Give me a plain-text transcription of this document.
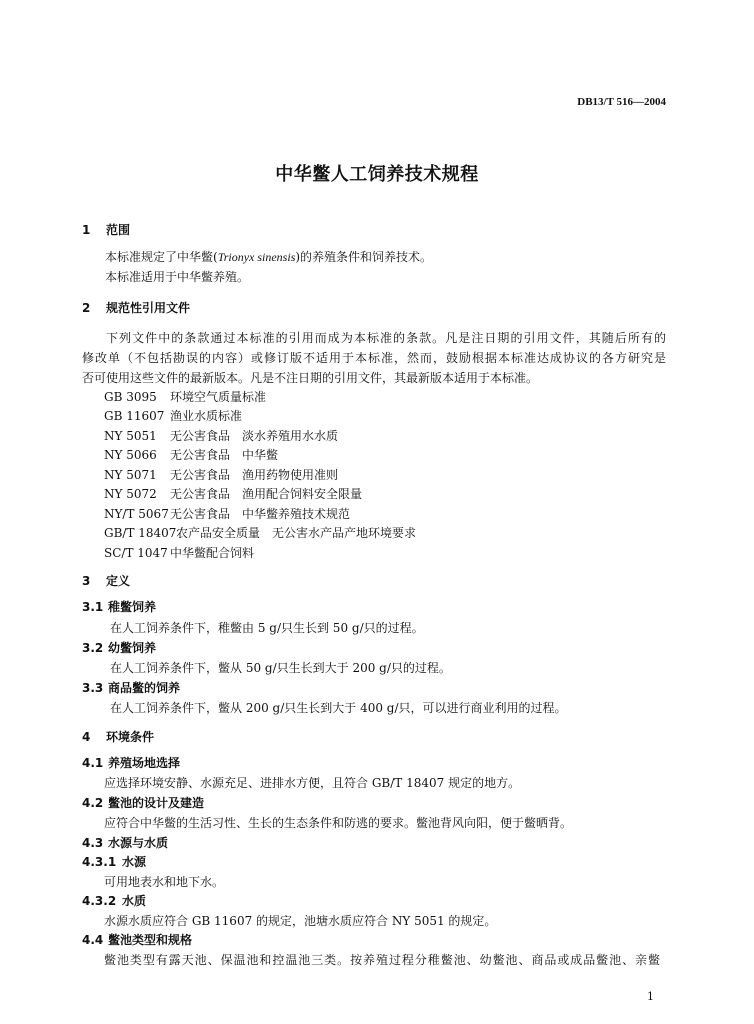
DB13/T 516—2004
中华鳖人工饲养技术规程
1 范围
本标准规定了中华鳖(Trionyx sinensis)的养殖条件和饲养技术。
本标准适用于中华鳖养殖。
2 规范性引用文件
下列文件中的条款通过本标准的引用而成为本标准的条款。凡是注日期的引用文件，其随后所有的
修改单（不包括勘误的内容）或修订版不适用于本标准，然而，鼓励根据本标准达成协议的各方研究是
否可使用这些文件的最新版本。凡是不注日期的引用文件，其最新版本适用于本标准。
GB 3095 环境空气质量标准
GB 11607 渔业水质标准
NY 5051 无公害食品　淡水养殖用水水质
NY 5066 无公害食品　中华鳖
NY 5071 无公害食品　渔用药物使用准则
NY 5072 无公害食品　渔用配合饲料安全限量
NY/T 5067无公害食品　中华鳖养殖技术规范
GB/T 18407农产品安全质量　无公害水产品产地环境要求
SC/T 1047 中华鳖配合饲料
3 定义
3.1 稚鳖饲养
在人工饲养条件下，稚鳖由 5 g/只生长到 50 g/只的过程。
3.2 幼鳖饲养
在人工饲养条件下，鳖从 50 g/只生长到大于 200 g/只的过程。
3.3 商品鳖的饲养
在人工饲养条件下，鳖从 200 g/只生长到大于 400 g/只，可以进行商业利用的过程。
4 环境条件
4.1 养殖场地选择
应选择环境安静、水源充足、进排水方便，且符合 GB/T 18407 规定的地方。
4.2 鳖池的设计及建造
应符合中华鳖的生活习性、生长的生态条件和防逃的要求。鳖池背风向阳，便于鳖晒背。
4.3 水源与水质
4.3.1 水源
可用地表水和地下水。
4.3.2 水质
水源水质应符合 GB 11607 的规定，池塘水质应符合 NY 5051 的规定。
4.4 鳖池类型和规格
鳖池类型有露天池、保温池和控温池三类。按养殖过程分稚鳖池、幼鳖池、商品或成品鳖池、亲鳖
1
